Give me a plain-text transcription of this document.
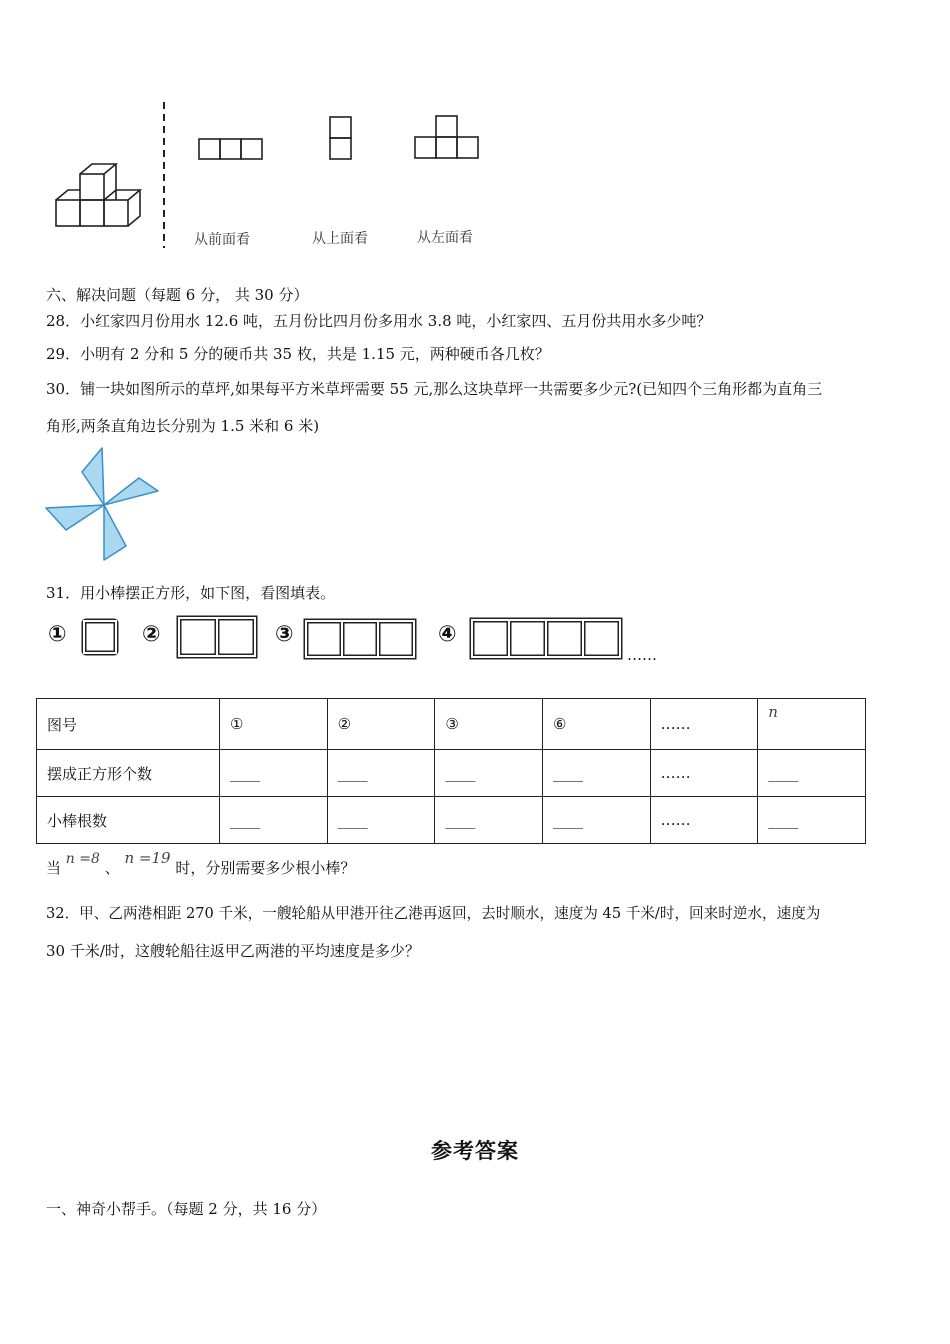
从前面看	从上面看	从左面看
六、解决问题（每题 6 分， 共 30 分）
28．小红家四月份用水 12.6 吨，五月份比四月份多用水 3.8 吨，小红家四、五月份共用水多少吨？
29．小明有 2 分和 5 分的硬币共 35 枚，共是 1.15 元，两种硬币各几枚？
30．铺一块如图所示的草坪,如果每平方米草坪需要 55 元,那么这块草坪一共需要多少元?(已知四个三角形都为直角三
角形,两条直角边长分别为 1.5 米和 6 米)
31．用小棒摆正方形，如下图，看图填表。
①	②	③	④
……
图号	①	②	③	⑥	……	n
摆成正方形个数	____	____	____	____	……	____
小棒根数	____	____	____	____	……	____
当 n =8 、 n =19 时，分别需要多少根小棒？
32．甲、乙两港相距 270 千米，一艘轮船从甲港开往乙港再返回，去时顺水，速度为 45 千米/时，回来时逆水，速度为
30 千米/时，这艘轮船往返甲乙两港的平均速度是多少？
参考答案
一、神奇小帮手。（每题 2 分，共 16 分）
